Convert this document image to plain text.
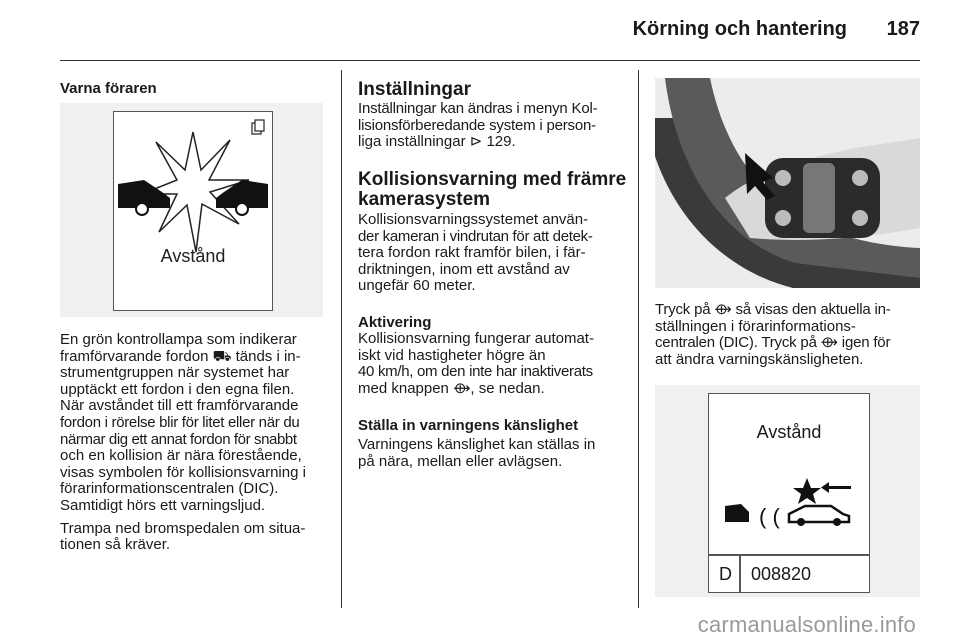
Körning och hantering 187
Varna föraren
Avstånd
En grön kontrollampa som indikerar
framförvarande fordon ⛟ tänds i in-
strumentgruppen när systemet har
upptäckt ett fordon i den egna filen.
När avståndet till ett framförvarande
fordon i rörelse blir för litet eller när du
närmar dig ett annat fordon för snabbt
och en kollision är nära förestående,
visas symbolen för kollisionsvarning i
förarinformationscentralen (DIC).
Samtidigt hörs ett varningsljud.
Trampa ned bromspedalen om situa-
tionen så kräver.
Inställningar
Inställningar kan ändras i menyn Kol-
lisionsförberedande system i person-
liga inställningar ⊳ 129.
Kollisionsvarning med främre
kamerasystem
Kollisionsvarningssystemet använ-
der kameran i vindrutan för att detek-
tera fordon rakt framför bilen, i fär-
driktningen, inom ett avstånd av
ungefär 60 meter.
Aktivering
Kollisionsvarning fungerar automat-
iskt vid hastigheter högre än
40 km/h, om den inte har inaktiverats
med knappen ⟴, se nedan.
Ställa in varningens känslighet
Varningens känslighet kan ställas in
på nära, mellan eller avlägsen.
Tryck på ⟴ så visas den aktuella in-
ställningen i förarinformations-
centralen (DIC). Tryck på ⟴ igen för
att ändra varningskänsligheten.
Avstånd
( (
D 008820
carmanualsonline.info
